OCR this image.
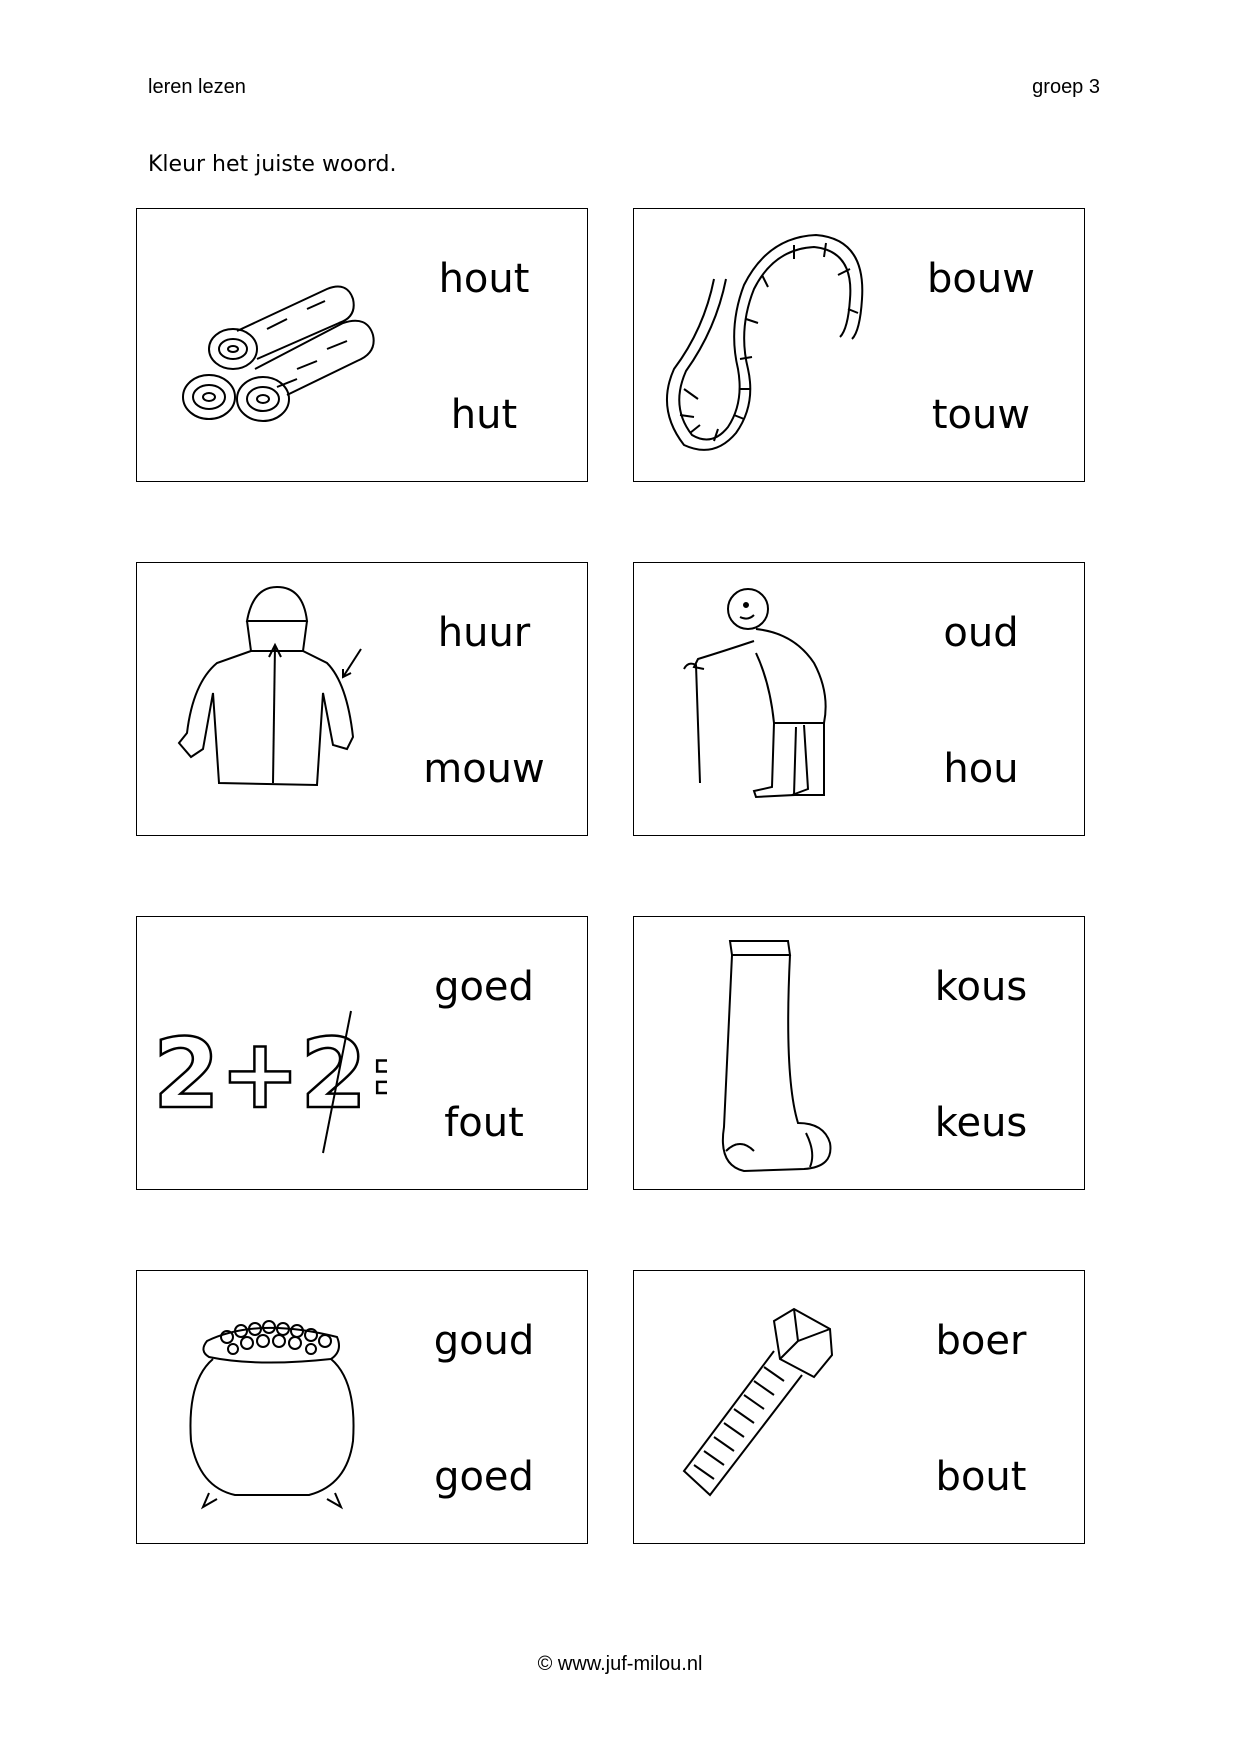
leren lezen	groep 3
Kleur het juiste woord.
hout
hut
bouw
touw
huur
mouw
oud
hou
2+2
goed
fout
kous
keus
goud
goed
boer
bout
© www.juf-milou.nl
